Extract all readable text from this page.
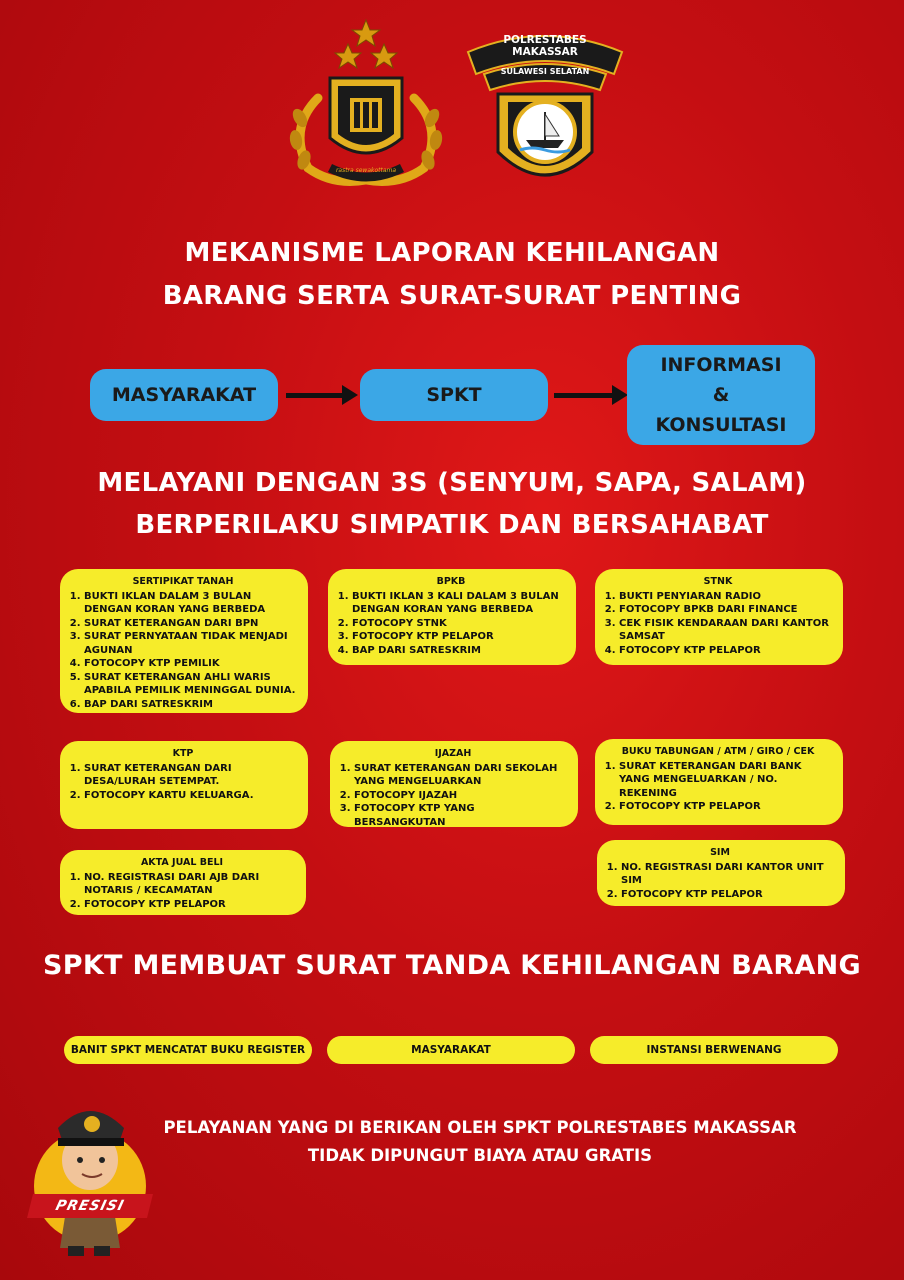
rastra sewakottama
POLRESTABES MAKASSAR
SULAWESI SELATAN
MEKANISME LAPORAN KEHILANGAN
BARANG SERTA SURAT-SURAT PENTING
MASYARAKAT	SPKT
INFORMASI
&
KONSULTASI
MELAYANI DENGAN 3S (SENYUM, SAPA, SALAM)
BERPERILAKU SIMPATIK DAN BERSAHABAT
SERTIPIKAT TANAH
1. BUKTI IKLAN DALAM 3 BULAN DENGAN KORAN YANG BERBEDA
2. SURAT KETERANGAN DARI BPN
3. SURAT PERNYATAAN TIDAK MENJADI AGUNAN
4. FOTOCOPY KTP PEMILIK
5. SURAT KETERANGAN AHLI WARIS APABILA PEMILIK MENINGGAL DUNIA.
6. BAP DARI SATRESKRIM
BPKB
1. BUKTI IKLAN 3 KALI DALAM 3 BULAN DENGAN KORAN YANG BERBEDA
2. FOTOCOPY STNK
3. FOTOCOPY KTP PELAPOR
4. BAP DARI SATRESKRIM
STNK
1. BUKTI PENYIARAN RADIO
2. FOTOCOPY BPKB DARI FINANCE
3. CEK FISIK KENDARAAN DARI KANTOR SAMSAT
4. FOTOCOPY KTP PELAPOR
KTP
1. SURAT KETERANGAN DARI DESA/LURAH SETEMPAT.
2. FOTOCOPY KARTU KELUARGA.
IJAZAH
1. SURAT KETERANGAN DARI SEKOLAH YANG MENGELUARKAN
2. FOTOCOPY IJAZAH
3. FOTOCOPY KTP YANG BERSANGKUTAN
BUKU TABUNGAN / ATM / GIRO / CEK
1. SURAT KETERANGAN DARI BANK YANG MENGELUARKAN / NO. REKENING
2. FOTOCOPY KTP PELAPOR
AKTA JUAL BELI
1. NO. REGISTRASI DARI AJB DARI NOTARIS / KECAMATAN
2. FOTOCOPY KTP PELAPOR
SIM
1. NO. REGISTRASI DARI KANTOR UNIT SIM
2. FOTOCOPY KTP PELAPOR
SPKT MEMBUAT SURAT TANDA KEHILANGAN BARANG
BANIT SPKT MENCATAT BUKU REGISTER	MASYARAKAT	INSTANSI BERWENANG
PRESISI
PELAYANAN YANG DI BERIKAN OLEH SPKT POLRESTABES MAKASSAR
TIDAK DIPUNGUT BIAYA ATAU GRATIS
